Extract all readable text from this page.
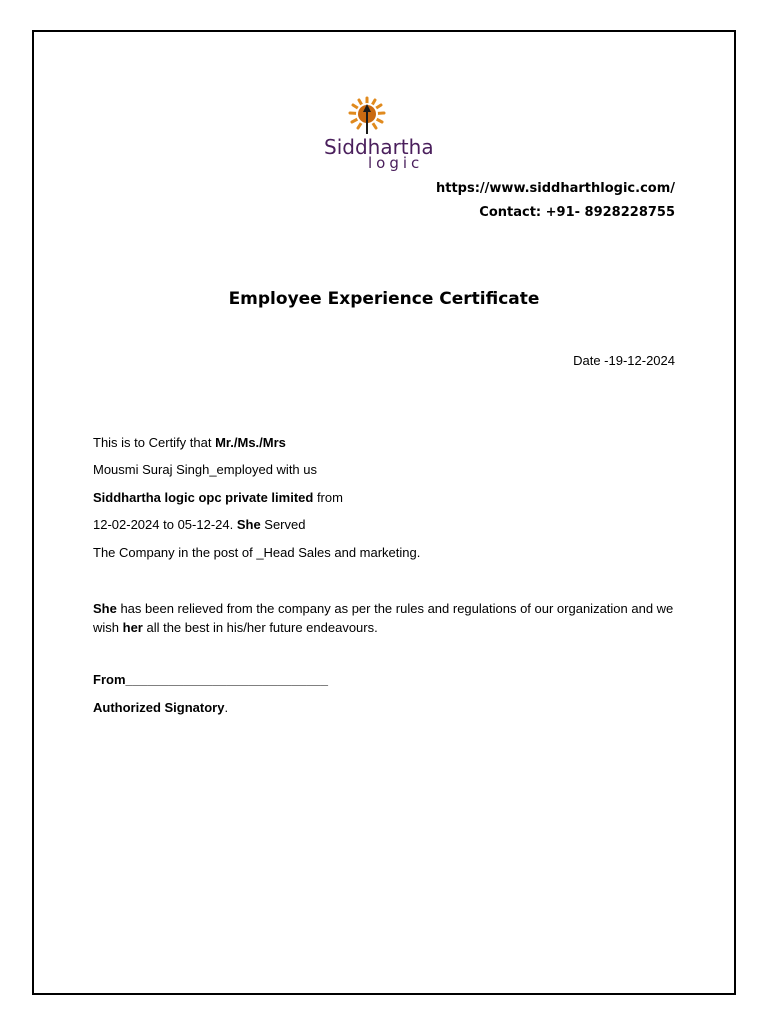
Siddhartha
logic
https://www.siddharthlogic.com/
Contact: +91- 8928228755
Employee Experience Certificate
Date -19-12-2024
This is to Certify that Mr./Ms./Mrs
Mousmi Suraj Singh_employed with us
Siddhartha logic opc private limited from
12-02-2024 to 05-12-24. She Served
The Company in the post of _Head Sales and marketing.
She has been relieved from the company as per the rules and regulations of our organization and we wish her all the best in his/her future endeavours.
From____________________________
Authorized Signatory.
